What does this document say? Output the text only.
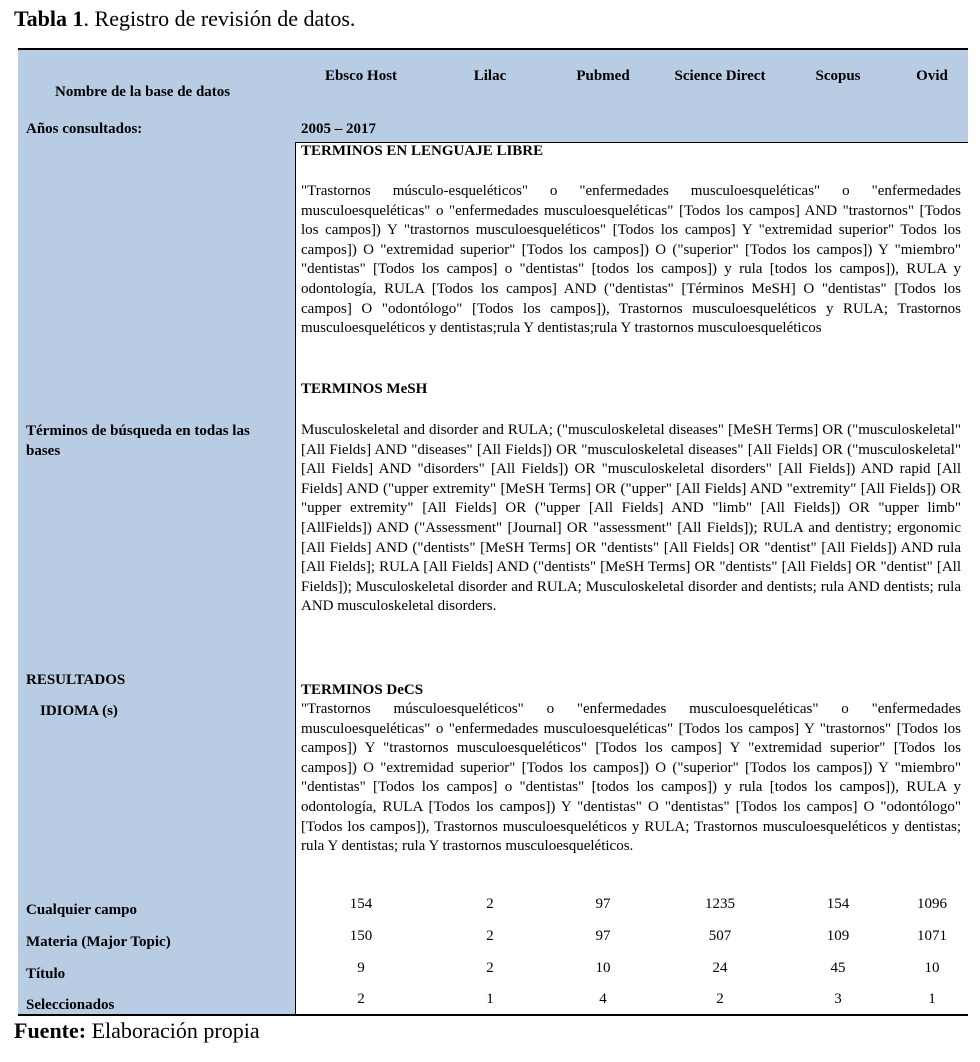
Tabla 1. Registro de revisión de datos.
Nombre de la base de datos
Ebsco Host	Lilac	Pubmed	Science Direct	Scopus	Ovid
Años consultados:	2005 – 2017
Términos de búsqueda en todas las bases
TERMINOS EN LENGUAJE LIBRE
"Trastornos músculo-esqueléticos" o "enfermedades musculoesqueléticas" o "enfermedades musculoesqueléticas" o "enfermedades musculoesqueléticas" [Todos los campos] AND "trastornos" [Todos los campos]) Y "trastornos musculoesqueléticos" [Todos los campos] Y "extremidad superior" Todos los campos]) O "extremidad superior" [Todos los campos]) O ("superior" [Todos los campos]) Y "miembro" "dentistas" [Todos los campos] o "dentistas" [todos los campos]) y rula [todos los campos]), RULA y odontología, RULA [Todos los campos] AND ("dentistas" [Términos MeSH] O "dentistas" [Todos los campos] O "odontólogo" [Todos los campos]), Trastornos musculoesqueléticos y RULA; Trastornos musculoesqueléticos y dentistas;rula Y dentistas;rula Y trastornos musculoesqueléticos
TERMINOS MeSH
Musculoskeletal and disorder and RULA; ("musculoskeletal diseases" [MeSH Terms] OR ("musculoskeletal" [All Fields] AND "diseases" [All Fields]) OR "musculoskeletal diseases" [All Fields] OR ("musculoskeletal" [All Fields] AND "disorders" [All Fields]) OR "musculoskeletal disorders" [All Fields]) AND rapid [All Fields] AND ("upper extremity" [MeSH Terms] OR ("upper" [All Fields] AND "extremity" [All Fields]) OR "upper extremity" [All Fields] OR ("upper [All Fields] AND "limb" [All Fields]) OR "upper limb"[AllFields]) AND ("Assessment" [Journal] OR "assessment" [All Fields]); RULA and dentistry; ergonomic [All Fields] AND ("dentists" [MeSH Terms] OR "dentists" [All Fields] OR "dentist" [All Fields]) AND rula [All Fields]; RULA [All Fields] AND ("dentists" [MeSH Terms] OR "dentists" [All Fields] OR "dentist" [All Fields]); Musculoskeletal disorder and RULA; Musculoskeletal disorder and dentists; rula AND dentists; rula AND musculoskeletal disorders.
RESULTADOS
IDIOMA (s)
TERMINOS DeCS
"Trastornos músculoesqueléticos" o "enfermedades musculoesqueléticas" o "enfermedades musculoesqueléticas" o "enfermedades musculoesqueléticas" [Todos los campos] Y "trastornos" [Todos los campos]) Y "trastornos musculoesqueléticos" [Todos los campos] Y "extremidad superior" [Todos los campos]) O "extremidad superior" [Todos los campos]) O ("superior" [Todos los campos]) Y "miembro" "dentistas" [Todos los campos] o "dentistas" [todos los campos]) y rula [todos los campos]), RULA y odontología, RULA [Todos los campos]) Y "dentistas" O "dentistas" [Todos los campos] O "odontólogo" [Todos los campos]), Trastornos musculoesqueléticos y RULA; Trastornos musculoesqueléticos y dentistas; rula Y dentistas; rula Y trastornos musculoesqueléticos.
Cualquier campo	154	2	97	1235	154	1096
Materia (Major Topic)	150	2	97	507	109	1071
Título	9	2	10	24	45	10
Seleccionados	2	1	4	2	3	1
Fuente: Elaboración propia
